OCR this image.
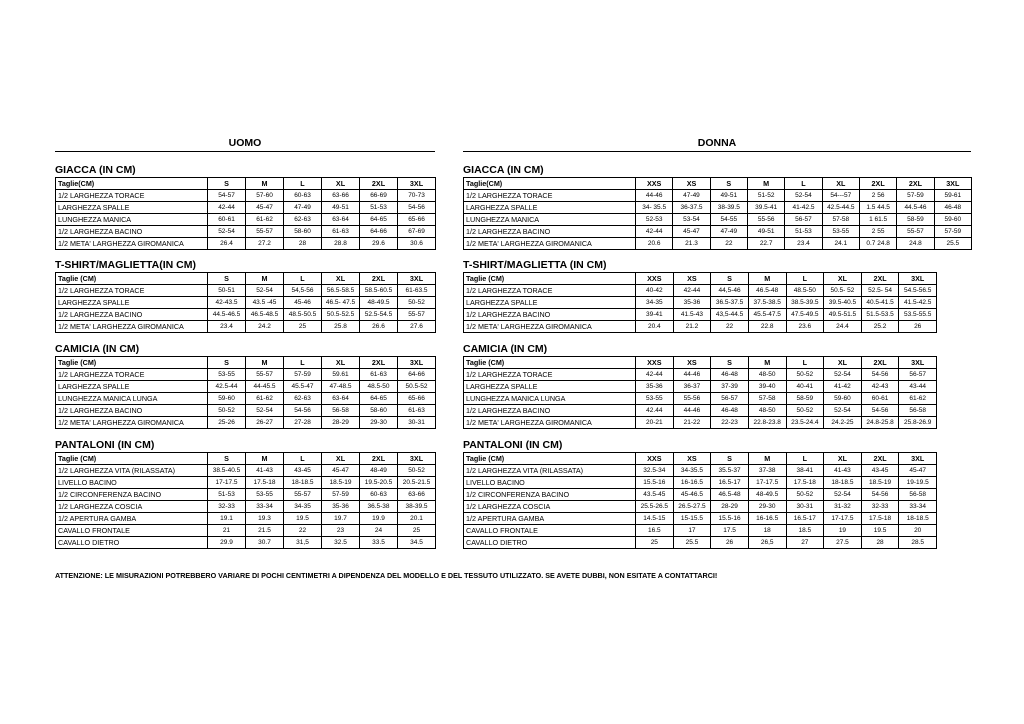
UOMO	DONNA
GIACCA (IN CM)
Taglie(CM)	S	M	L	XL	2XL	3XL
1/2 LARGHEZZA TORACE	54-57	57-60	60-63	63-66	66-69	70-73
LARGHEZZA SPALLE	42-44	45-47	47-49	49-51	51-53	54-56
LUNGHEZZA MANICA	60-61	61-62	62-63	63-64	64-65	65-66
1/2 LARGHEZZA BACINO	52-54	55-57	58-60	61-63	64-66	67-69
1/2 META' LARGHEZZA GIROMANICA	26.4	27.2	28	28.8	29.6	30.6
T-SHIRT/MAGLIETTA(IN CM)
Taglie (CM)	S	M	L	XL	2XL	3XL
1/2 LARGHEZZA TORACE	50-51	52-54	54,5-56	56.5-58.5	58.5-60.5	61-63.5
LARGHEZZA SPALLE	42-43.5	43.5 -45	45-46	46.5- 47.5	48-49.5	50-52
1/2 LARGHEZZA BACINO	44.5-46.5	46.5-48.5	48.5-50.5	50.5-52.5	52.5-54.5	55-57
1/2 META' LARGHEZZA GIROMANICA	23.4	24.2	25	25.8	26.6	27.6
CAMICIA (IN CM)
Taglie (CM)	S	M	L	XL	2XL	3XL
1/2 LARGHEZZA TORACE	53-55	55-57	57-59	59.61	61-63	64-66
LARGHEZZA SPALLE	42.5-44	44-45.5	45.5-47	47-48.5	48.5-50	50.5-52
LUNGHEZZA MANICA LUNGA	59-60	61-62	62-63	63-64	64-65	65-66
1/2 LARGHEZZA BACINO	50-52	52-54	54-56	56-58	58-60	61-63
1/2 META' LARGHEZZA GIROMANICA	25-26	26-27	27-28	28-29	29-30	30-31
PANTALONI (IN CM)
Taglie (CM)	S	M	L	XL	2XL	3XL
1/2 LARGHEZZA VITA (RILASSATA)	38.5-40.5	41-43	43-45	45-47	48-49	50-52
LIVELLO BACINO	17-17.5	17.5-18	18-18.5	18.5-19	19.5-20.5	20.5-21.5
1/2 CIRCONFERENZA BACINO	51-53	53-55	55-57	57-59	60-63	63-66
1/2 LARGHEZZA COSCIA	32-33	33-34	34-35	35-36	36.5-38	38-39.5
1/2 APERTURA GAMBA	19.1	19.3	19.5	19.7	19.9	20.1
CAVALLO FRONTALE	21	21.5	22	23	24	25
CAVALLO DIETRO	29.9	30.7	31,5	32.5	33.5	34.5
GIACCA (IN CM)
Taglie(CM)	XXS	XS	S	M	L	XL	2XL	2XL	3XL
1/2 LARGHEZZA TORACE	44-46	47-49	49-51	51-52	52-54	54---57	2 56	57-59	59-61
LARGHEZZA SPALLE	34- 35.5	36-37.5	38-39.5	39.5-41	41-42.5	42.5-44.5	1.5 44.5	44.5-46	46-48
LUNGHEZZA MANICA	52-53	53-54	54-55	55-56	56-57	57-58	1 61.5	58-59	59-60
1/2 LARGHEZZA BACINO	42-44	45-47	47-49	49-51	51-53	53-55	2 55	55-57	57-59
1/2 META' LARGHEZZA GIROMANICA	20.6	21.3	22	22.7	23.4	24.1	0.7 24.8	24.8	25.5
T-SHIRT/MAGLIETTA (IN CM)
Taglie (CM)	XXS	XS	S	M	L	XL	2XL	3XL
1/2 LARGHEZZA TORACE	40-42	42-44	44,5-46	46.5-48	48.5-50	50.5- 52	52.5- 54	54.5-56.5
LARGHEZZA SPALLE	34-35	35-36	36.5-37.5	37.5-38.5	38.5-39.5	39.5-40.5	40.5-41.5	41.5-42.5
1/2 LARGHEZZA BACINO	39-41	41.5-43	43,5-44.5	45.5-47.5	47.5-49.5	49.5-51.5	51.5-53.5	53.5-55.5
1/2 META' LARGHEZZA GIROMANICA	20.4	21.2	22	22.8	23.6	24.4	25.2	26
CAMICIA (IN CM)
Taglie (CM)	XXS	XS	S	M	L	XL	2XL	3XL
1/2 LARGHEZZA TORACE	42-44	44-46	46-48	48-50	50-52	52-54	54-56	56-57
LARGHEZZA SPALLE	35-36	36-37	37-39	39-40	40-41	41-42	42-43	43-44
LUNGHEZZA MANICA LUNGA	53-55	55-56	56-57	57-58	58-59	59-60	60-61	61-62
1/2 LARGHEZZA BACINO	42.44	44-46	46-48	48-50	50-52	52-54	54-56	56-58
1/2 META' LARGHEZZA GIROMANICA	20-21	21-22	22-23	22.8-23.8	23.5-24.4	24.2-25	24.8-25.8	25.8-26.9
PANTALONI (IN CM)
Taglie (CM)	XXS	XS	S	M	L	XL	2XL	3XL
1/2 LARGHEZZA VITA (RILASSATA)	32.5-34	34-35.5	35.5-37	37-38	38-41	41-43	43-45	45-47
LIVELLO BACINO	15.5-16	16-16.5	16.5-17	17-17.5	17.5-18	18-18.5	18.5-19	19-19.5
1/2 CIRCONFERENZA BACINO	43.5-45	45-46.5	46.5-48	48-49.5	50-52	52-54	54-56	56-58
1/2 LARGHEZZA COSCIA	25.5-26.5	26.5-27.5	28-29	29-30	30-31	31-32	32-33	33-34
1/2 APERTURA GAMBA	14.5-15	15-15.5	15.5-16	16-16.5	16.5-17	17-17.5	17.5-18	18-18.5
CAVALLO FRONTALE	16.5	17	17.5	18	18.5	19	19.5	20
CAVALLO DIETRO	25	25.5	26	26,5	27	27.5	28	28.5
ATTENZIONE: LE MISURAZIONI POTREBBERO VARIARE DI POCHI CENTIMETRI A DIPENDENZA DEL MODELLO E DEL TESSUTO UTILIZZATO. SE AVETE DUBBI, NON ESITATE A CONTATTARCI!
